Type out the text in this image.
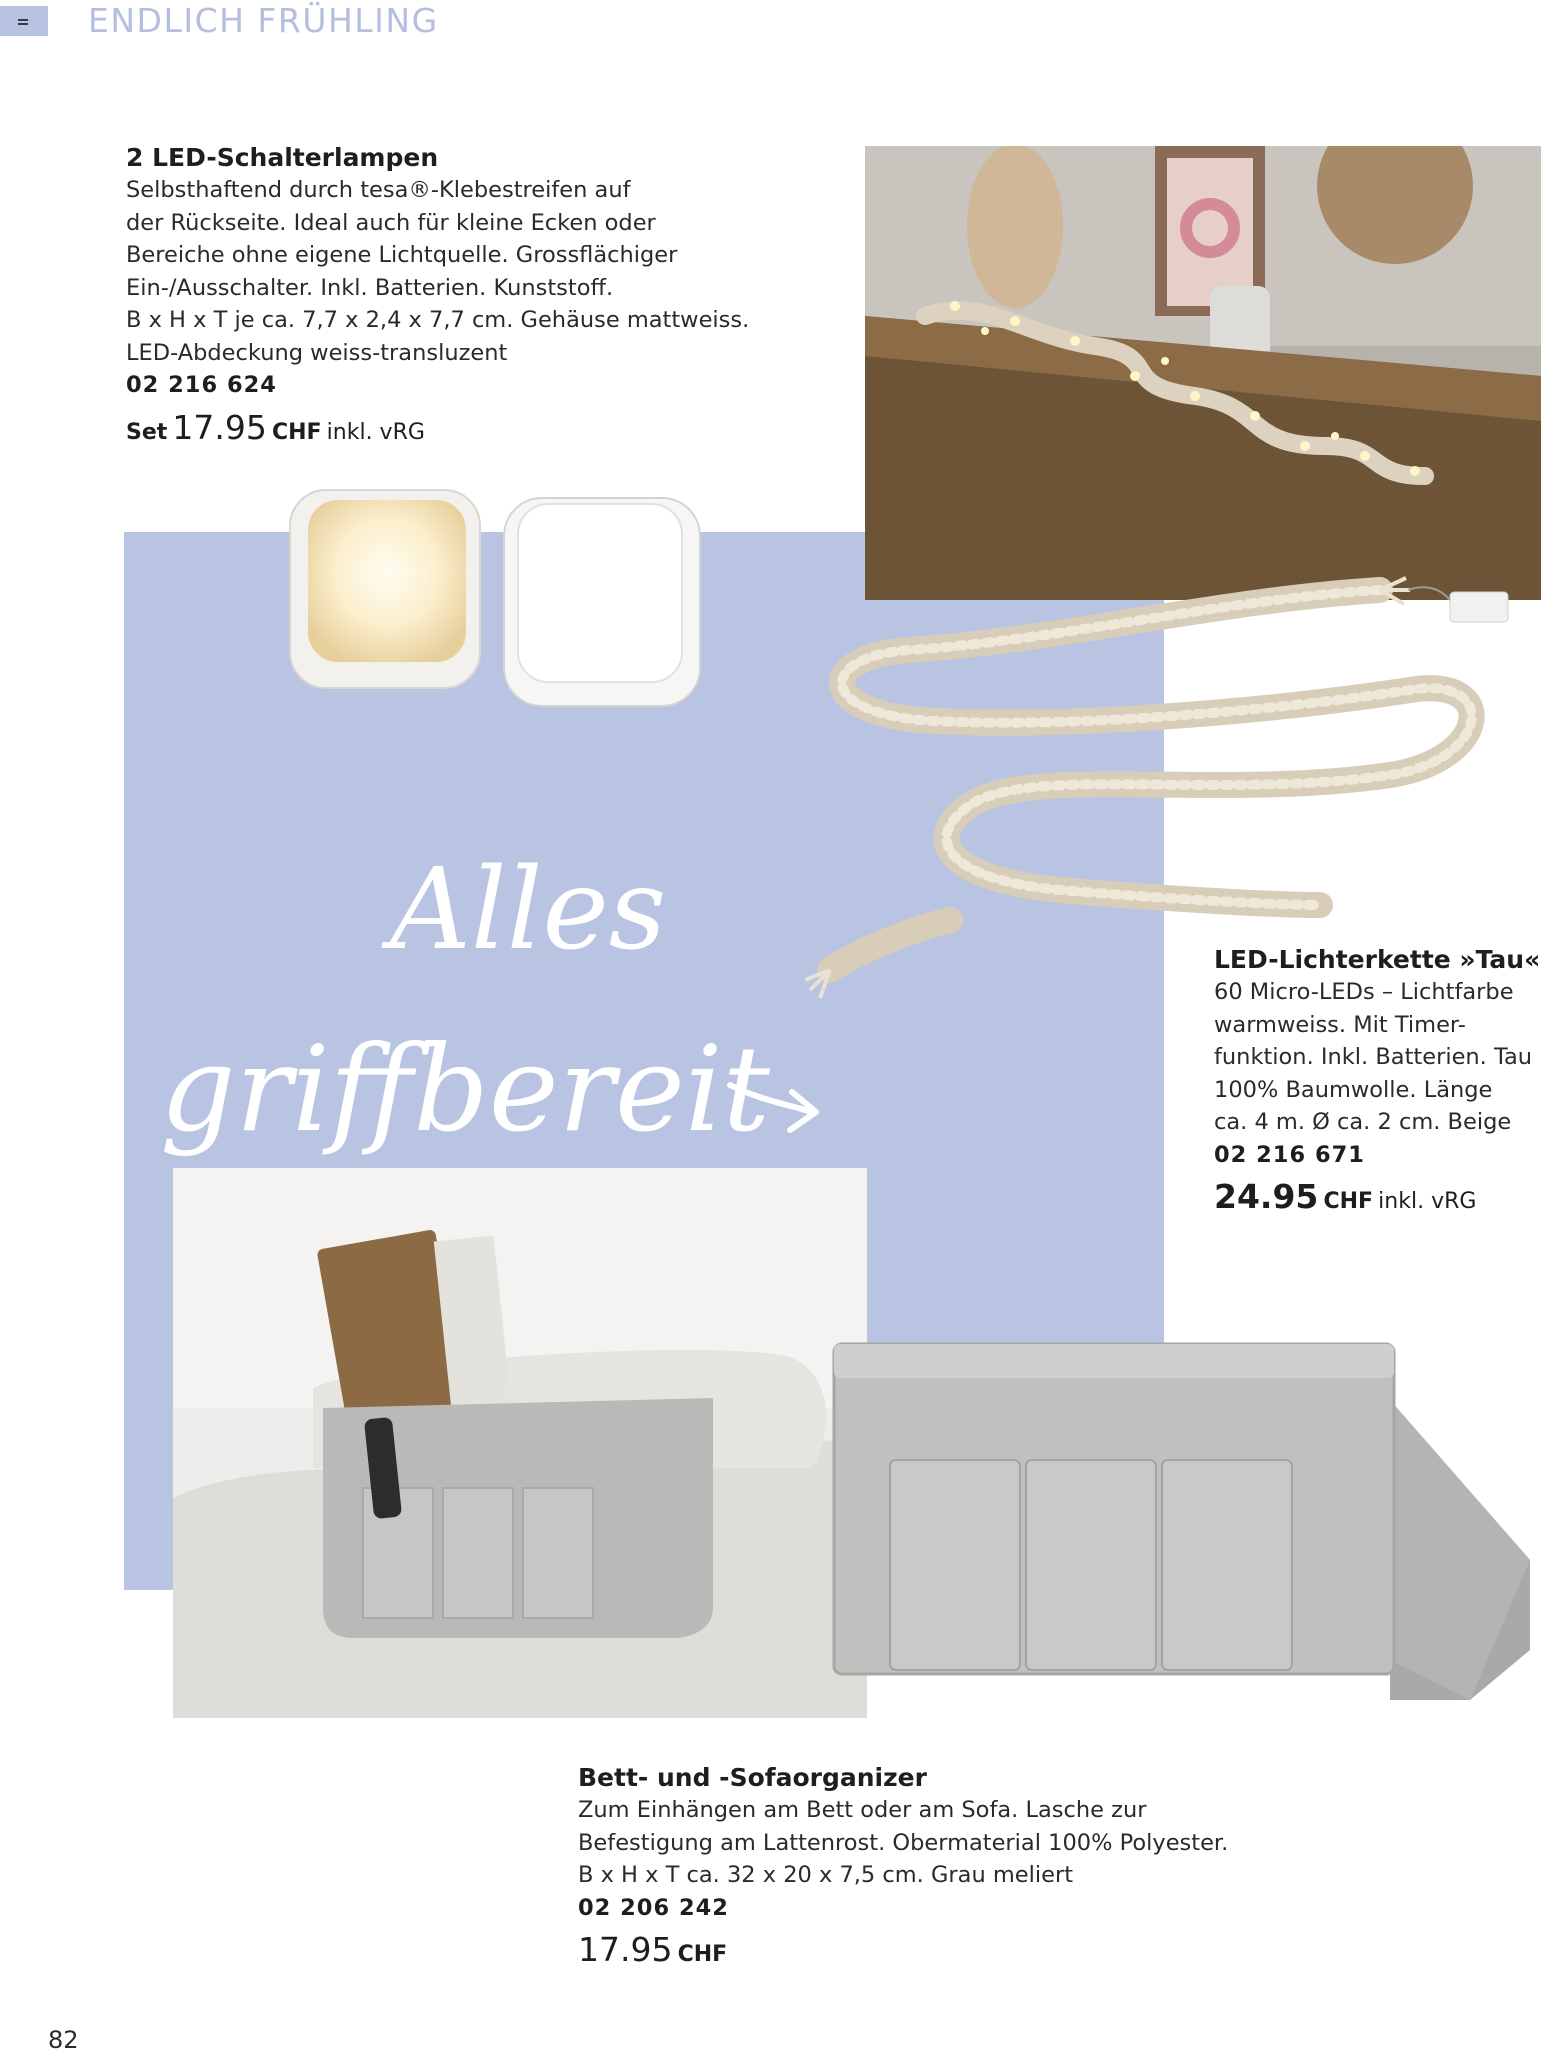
ENDLICH FRÜHLING
2 LED-Schalterlampen
Selbsthaftend durch tesa®-Klebestreifen auf
der Rückseite. Ideal auch für kleine Ecken oder
Bereiche ohne eigene Lichtquelle. Grossflächiger
Ein-/Ausschalter. Inkl. Batterien. Kunststoff.
B x H x T je ca. 7,7 x 2,4 x 7,7 cm. Gehäuse mattweiss.
LED-Abdeckung weiss-transluzent
02 216 624
Set 17.95 CHF inkl. vRG
Alles
griffbereit
LED-Lichterkette »Tau«
60 Micro-LEDs – Lichtfarbe
warmweiss. Mit Timer-
funktion. Inkl. Batterien. Tau
100% Baumwolle. Länge
ca. 4 m. Ø ca. 2 cm. Beige
02 216 671
24.95 CHF inkl. vRG
Bett- und -Sofaorganizer
Zum Einhängen am Bett oder am Sofa. Lasche zur
Befestigung am Lattenrost. Obermaterial 100% Polyester.
B x H x T ca. 32 x 20 x 7,5 cm. Grau meliert
02 206 242
17.95 CHF
82
